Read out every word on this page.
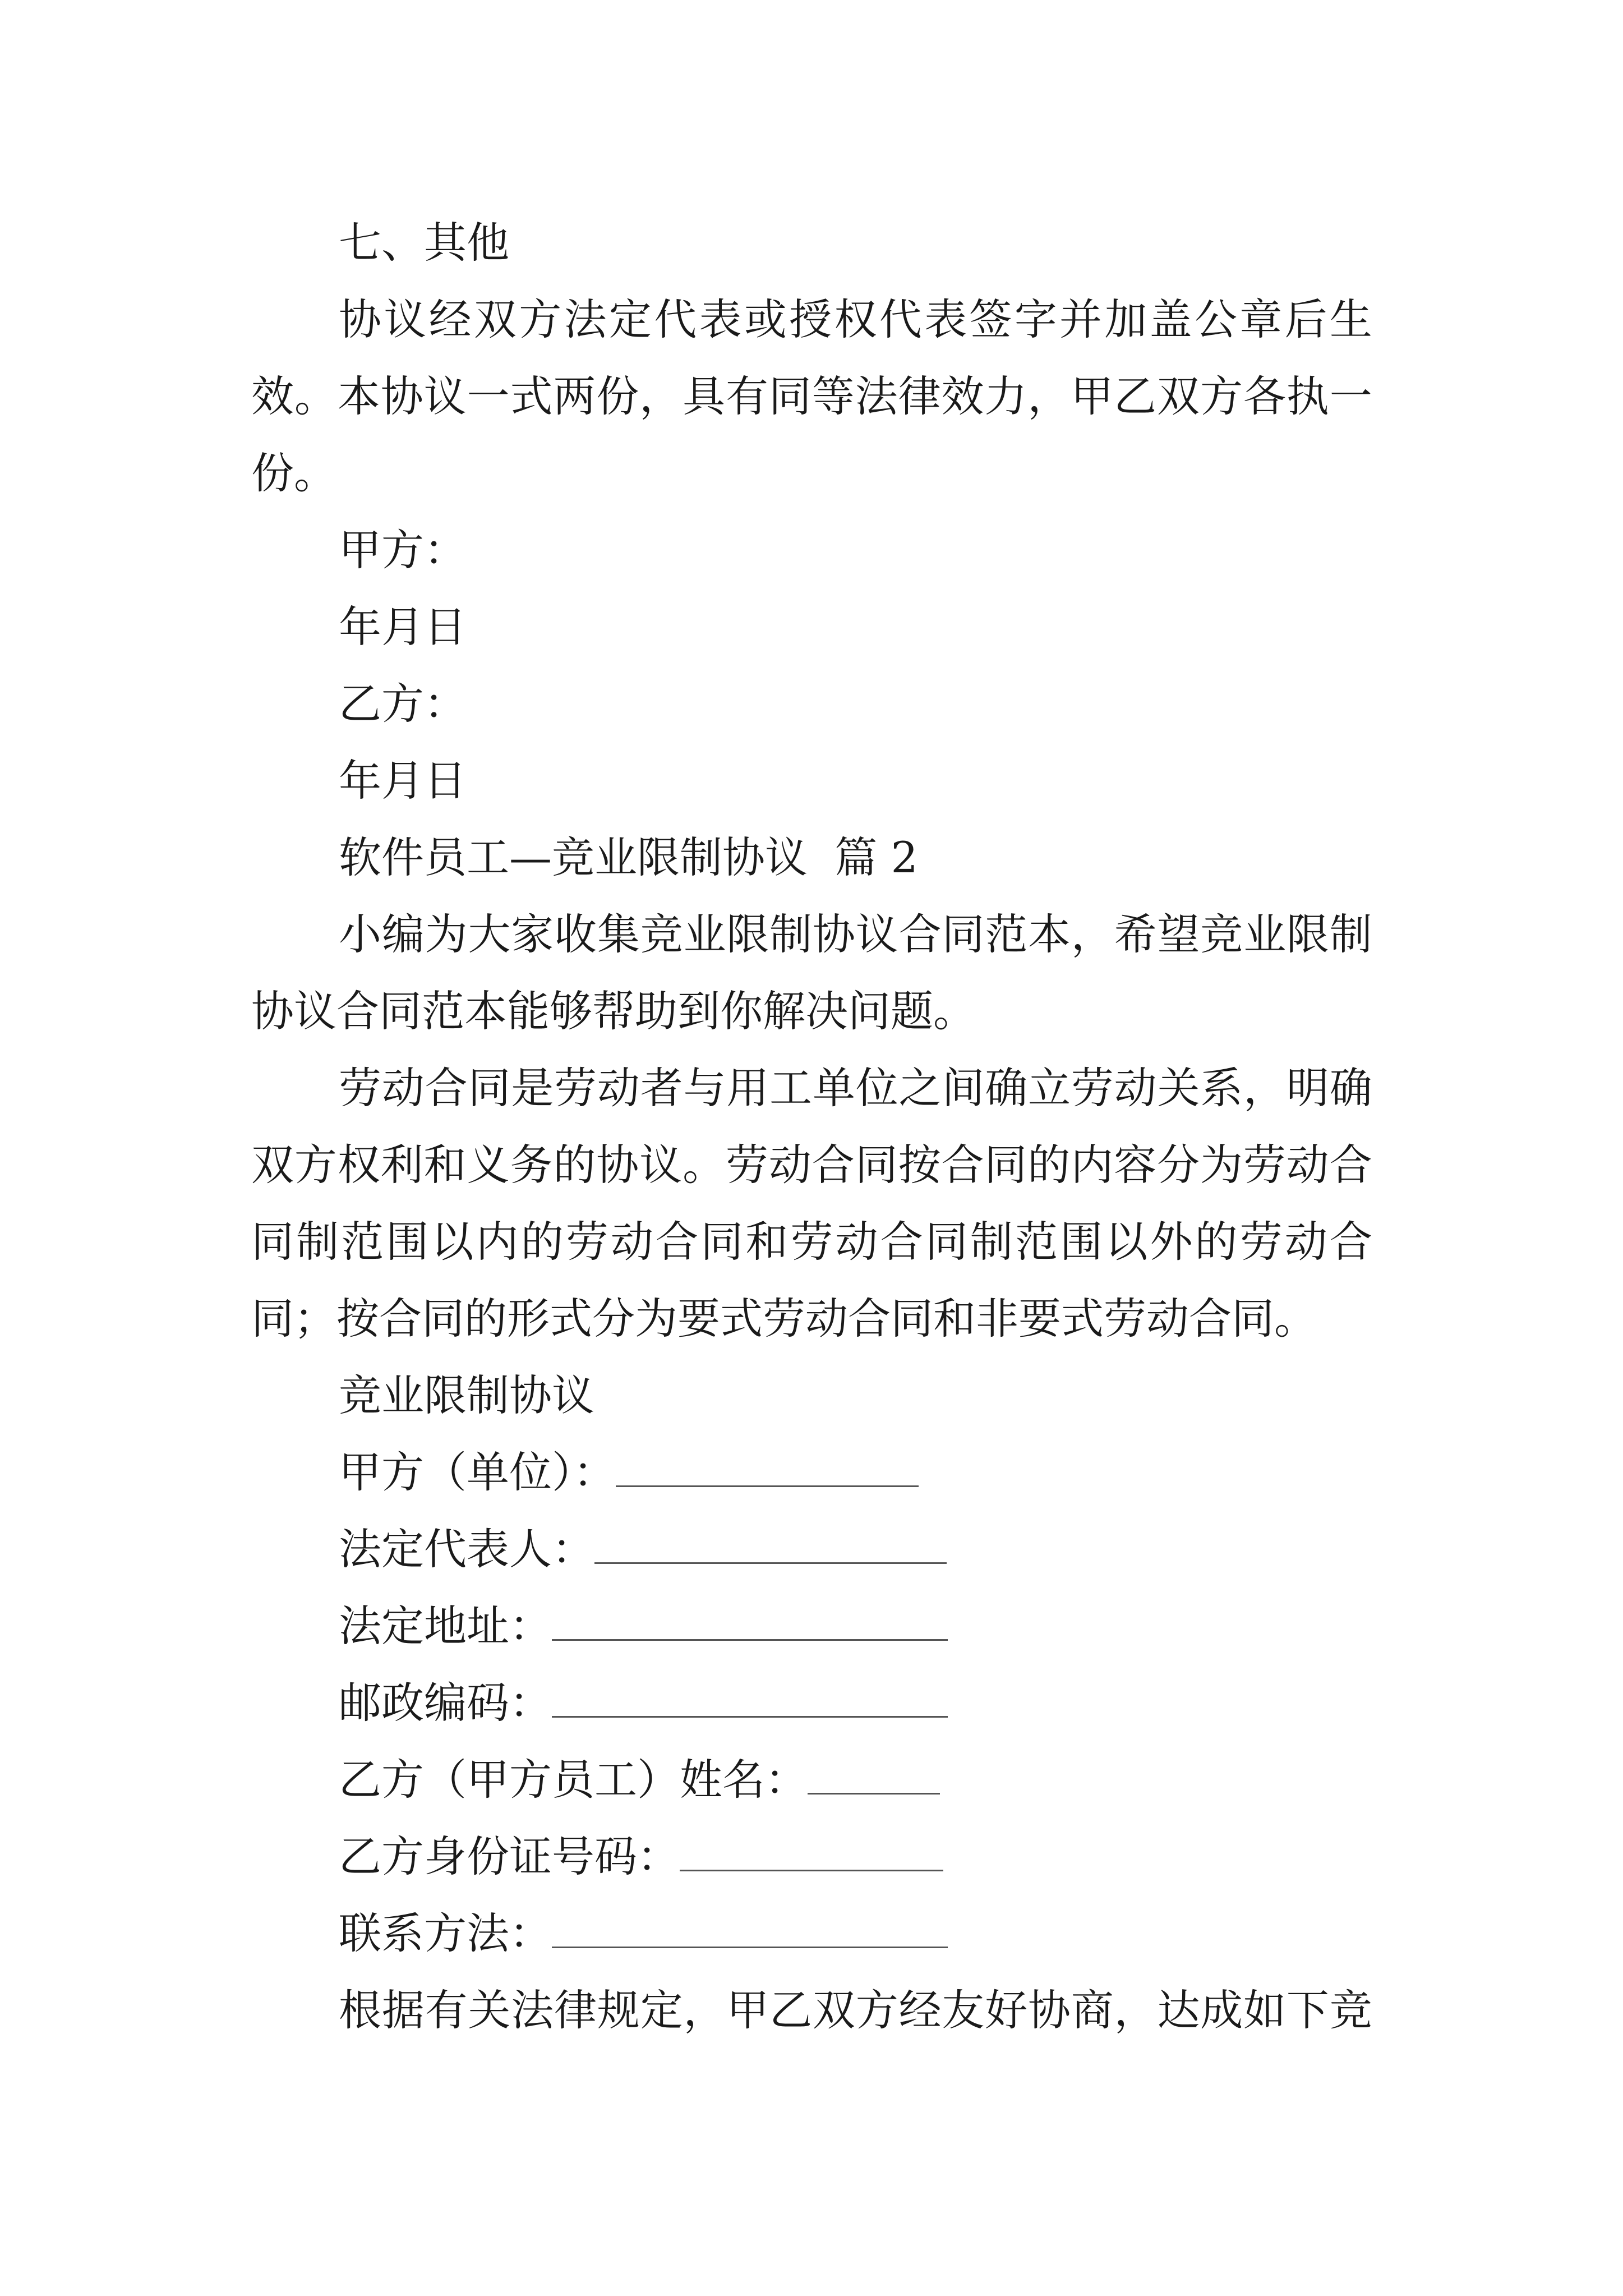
七、其他
协 议 经 双 方 法 定 代 表 或 授 权 代 表 签 字 并 加 盖 公 章 后 生
效 。 本 协 议 一 式 两 份 ， 具 有 同 等 法 律 效 力 ， 甲 乙 双 方 各 执 一
份。
甲方：
年月日
乙方：
年月日
软件员工—竞业限制协议  篇 2
小 编 为 大 家 收 集 竞 业 限 制 协 议 合 同 范 本 ， 希 望 竞 业 限 制
协议合同范本能够帮助到你解决问题。
劳 动 合 同 是 劳 动 者 与 用 工 单 位 之 间 确 立 劳 动 关 系 ， 明 确
双 方 权 利 和 义 务 的 协 议 。 劳 动 合 同 按 合 同 的 内 容 分 为 劳 动 合
同 制 范 围 以 内 的 劳 动 合 同 和 劳 动 合 同 制 范 围 以 外 的 劳 动 合
同；按合同的形式分为要式劳动合同和非要式劳动合同。
竞业限制协议
甲方（单位）：
法定代表人：
法定地址：
邮政编码：
乙方（甲方员工）姓名：
乙方身份证号码：
联系方法：
根 据 有 关 法 律 规 定 ， 甲 乙 双 方 经 友 好 协 商 ， 达 成 如 下 竞
